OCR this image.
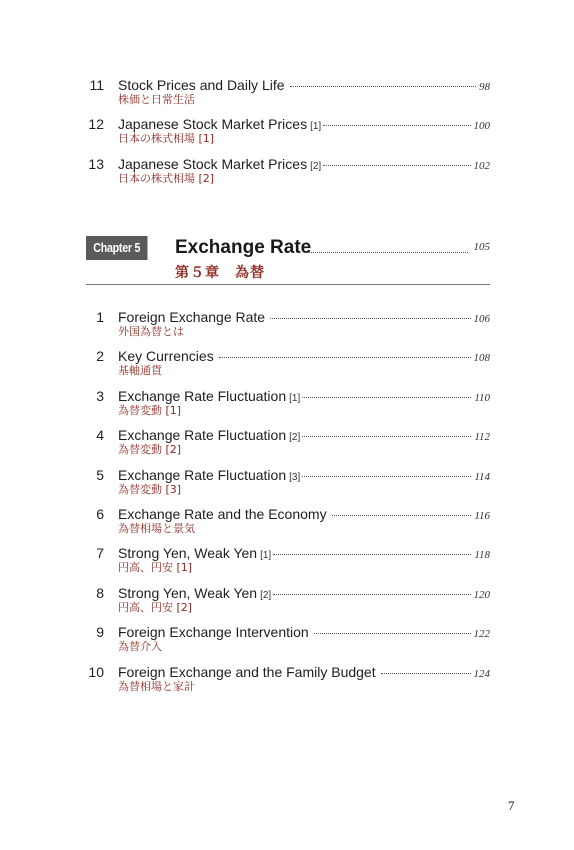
11 Stock Prices and Daily Life	98
株価と日常生活
12 Japanese Stock Market Prices [1]	100
日本の株式相場 [1]
13 Japanese Stock Market Prices [2]	102
日本の株式相場 [2]
Chapter 5	Exchange Rate	105
第５章　為替
1 Foreign Exchange Rate	106
外国為替とは
2 Key Currencies	108
基軸通貨
3 Exchange Rate Fluctuation [1]	110
為替変動 [1]
4 Exchange Rate Fluctuation [2]	112
為替変動 [2]
5 Exchange Rate Fluctuation [3]	114
為替変動 [3]
6 Exchange Rate and the Economy	116
為替相場と景気
7 Strong Yen, Weak Yen [1]	118
円高、円安 [1]
8 Strong Yen, Weak Yen [2]	120
円高、円安 [2]
9 Foreign Exchange Intervention	122
為替介入
10 Foreign Exchange and the Family Budget	124
為替相場と家計
7
